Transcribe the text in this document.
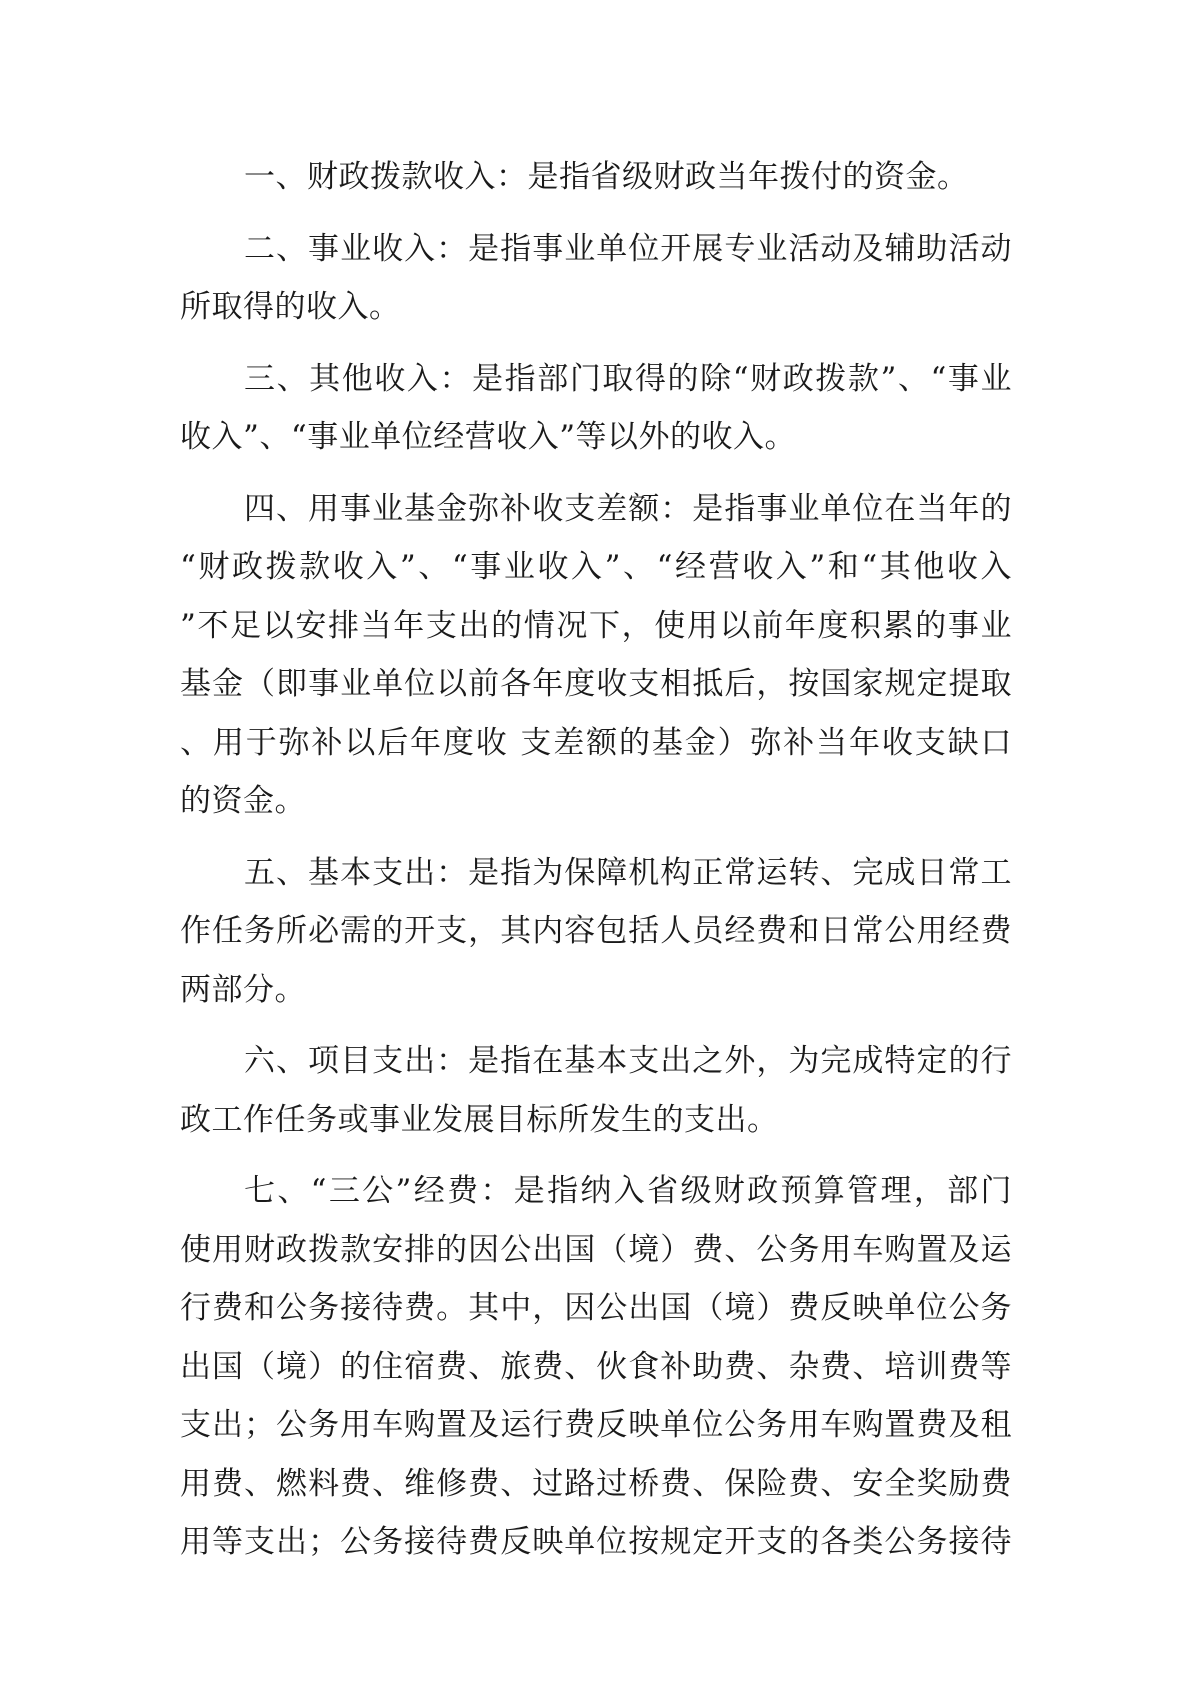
一、财政拨款收入：是指省级财政当年拨付的资金。
二、事业收入：是指事业单位开展专业活动及辅助活动
所取得的收入。
三、其他收入：是指部门取得的除“财政拨款”、“事业
收入”、“事业单位经营收入”等以外的收入。
四、用事业基金弥补收支差额：是指事业单位在当年的
“财政拨款收入”、“事业收入”、“经营收入”和“其他收入
”不足以安排当年支出的情况下，使用以前年度积累的事业
基金（即事业单位以前各年度收支相抵后，按国家规定提取
、用于弥补以后年度收 支差额的基金）弥补当年收支缺口
的资金。
五、基本支出：是指为保障机构正常运转、完成日常工
作任务所必需的开支，其内容包括人员经费和日常公用经费
两部分。
六、项目支出：是指在基本支出之外，为完成特定的行
政工作任务或事业发展目标所发生的支出。
七、“三公”经费：是指纳入省级财政预算管理，部门
使用财政拨款安排的因公出国（境）费、公务用车购置及运
行费和公务接待费。其中，因公出国（境）费反映单位公务
出国（境）的住宿费、旅费、伙食补助费、杂费、培训费等
支出；公务用车购置及运行费反映单位公务用车购置费及租
用费、燃料费、维修费、过路过桥费、保险费、安全奖励费
用等支出；公务接待费反映单位按规定开支的各类公务接待
